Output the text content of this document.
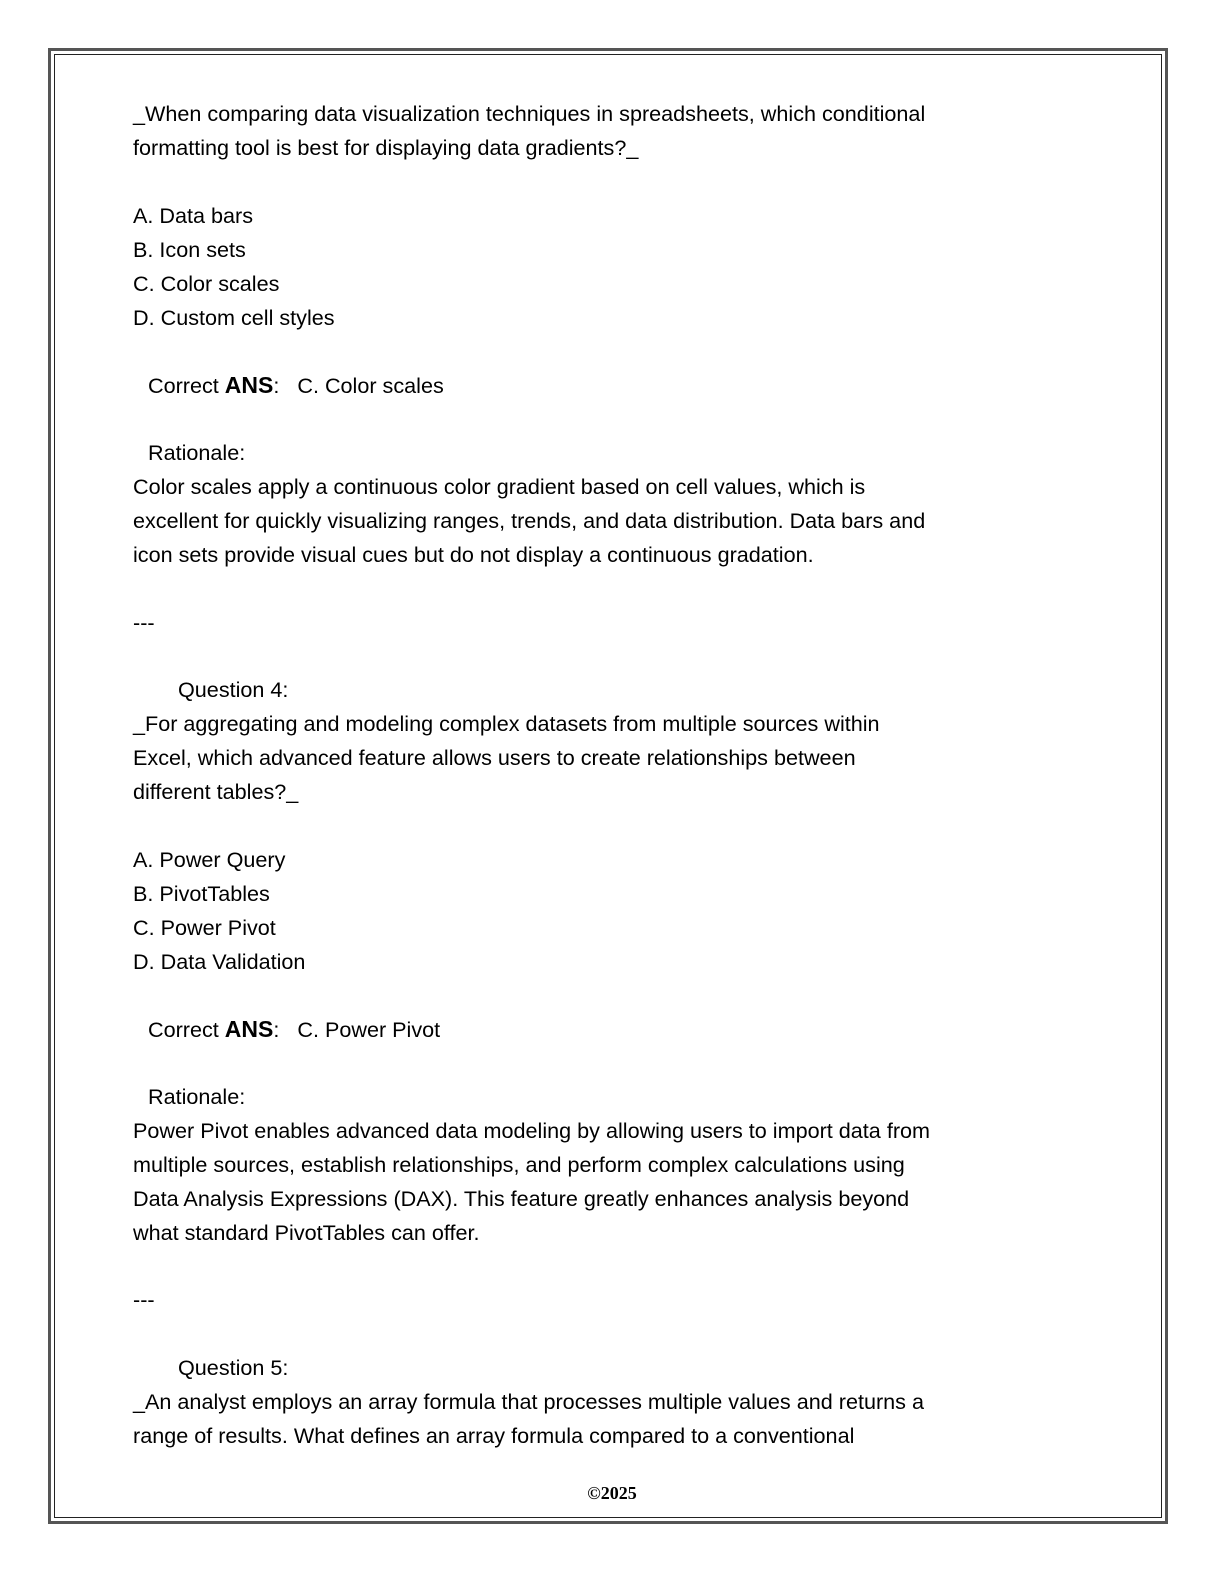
_When comparing data visualization techniques in spreadsheets, which conditional
formatting tool is best for displaying data gradients?_
A. Data bars
B. Icon sets
C. Color scales
D. Custom cell styles
Correct ANS: C. Color scales
Rationale:
Color scales apply a continuous color gradient based on cell values, which is
excellent for quickly visualizing ranges, trends, and data distribution. Data bars and
icon sets provide visual cues but do not display a continuous gradation.
---
Question 4:
_For aggregating and modeling complex datasets from multiple sources within
Excel, which advanced feature allows users to create relationships between
different tables?_
A. Power Query
B. PivotTables
C. Power Pivot
D. Data Validation
Correct ANS: C. Power Pivot
Rationale:
Power Pivot enables advanced data modeling by allowing users to import data from
multiple sources, establish relationships, and perform complex calculations using
Data Analysis Expressions (DAX). This feature greatly enhances analysis beyond
what standard PivotTables can offer.
---
Question 5:
_An analyst employs an array formula that processes multiple values and returns a
range of results. What defines an array formula compared to a conventional
©2025
